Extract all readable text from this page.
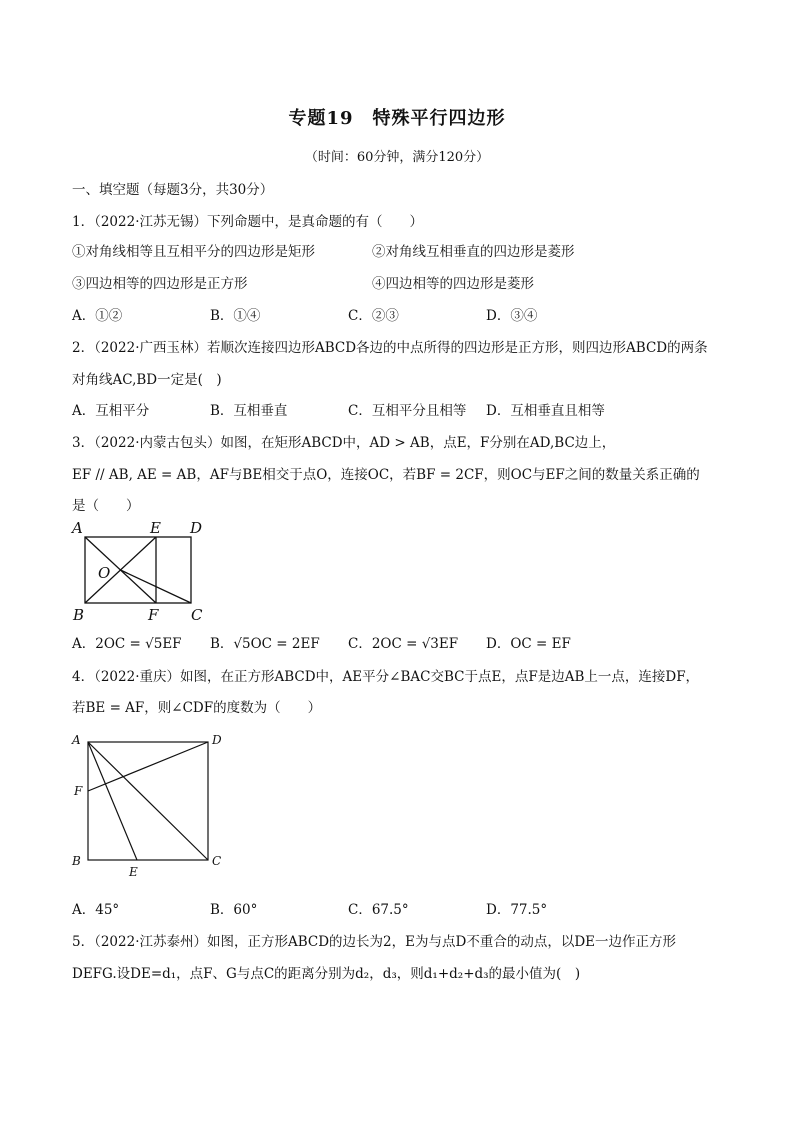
专题19　特殊平行四边形
（时间：60分钟，满分120分）
一、填空题（每题3分，共30分）
1．（2022·江苏无锡）下列命题中，是真命题的有（　　）
①对角线相等且互相平分的四边形是矩形	②对角线互相垂直的四边形是菱形
③四边相等的四边形是正方形	④四边相等的四边形是菱形
A．①②	B．①④	C．②③	D．③④
2．（2022·广西玉林）若顺次连接四边形ABCD各边的中点所得的四边形是正方形，则四边形ABCD的两条
对角线AC,BD一定是(　)
A．互相平分	B．互相垂直	C．互相平分且相等 D．互相垂直且相等
3．（2022·内蒙古包头）如图，在矩形ABCD中，AD > AB，点E，F分别在AD,BC边上，
EF // AB, AE = AB，AF与BE相交于点O，连接OC，若BF = 2CF，则OC与EF之间的数量关系正确的
是（　　）
A	E D
O
B	F C
A．2OC = √5EF B．√5OC = 2EF C．2OC = √3EF D．OC = EF
4．（2022·重庆）如图，在正方形ABCD中，AE平分∠BAC交BC于点E，点F是边AB上一点，连接DF，
若BE = AF，则∠CDF的度数为（　　）
A	D
F
B
E
C
A．45°	B．60°	C．67.5°	D．77.5°
5．（2022·江苏泰州）如图，正方形ABCD的边长为2，E为与点D不重合的动点，以DE一边作正方形
DEFG.设DE=d₁，点F、G与点C的距离分别为d₂，d₃，则d₁+d₂+d₃的最小值为(　)
